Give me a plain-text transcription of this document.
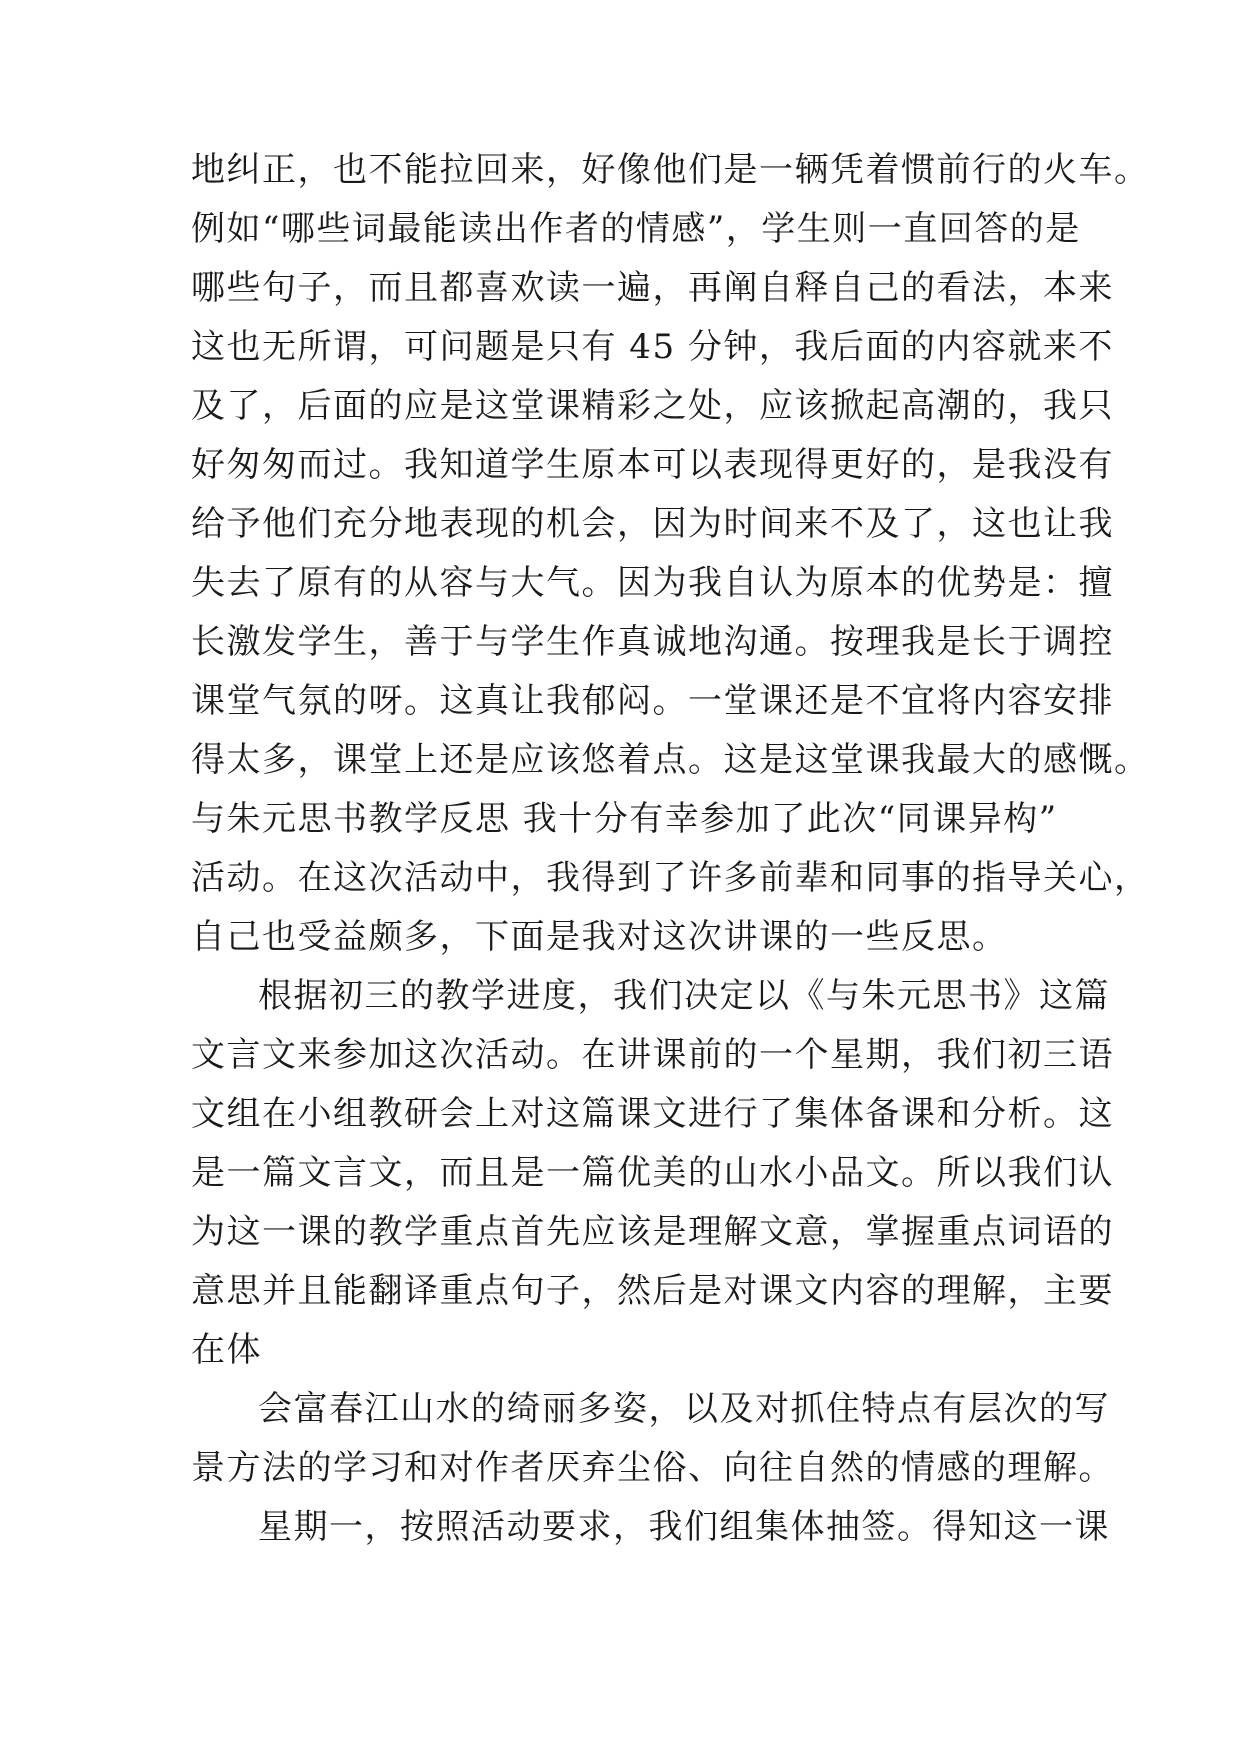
地纠正，也不能拉回来，好像他们是一辆凭着惯前行的火车。
例如“哪些词最能读出作者的情感”，学生则一直回答的是
哪些句子，而且都喜欢读一遍，再阐自释自己的看法，本来
这也无所谓，可问题是只有 45 分钟，我后面的内容就来不
及了，后面的应是这堂课精彩之处，应该掀起高潮的，我只
好匆匆而过。我知道学生原本可以表现得更好的，是我没有
给予他们充分地表现的机会，因为时间来不及了，这也让我
失去了原有的从容与大气。因为我自认为原本的优势是：擅
长激发学生，善于与学生作真诚地沟通。按理我是长于调控
课堂气氛的呀。这真让我郁闷。一堂课还是不宜将内容安排
得太多，课堂上还是应该悠着点。这是这堂课我最大的感慨。
与朱元思书教学反思 我十分有幸参加了此次“同课异构”
活动。在这次活动中，我得到了许多前辈和同事的指导关心，
自己也受益颇多，下面是我对这次讲课的一些反思。
根据初三的教学进度，我们决定以《与朱元思书》这篇
文言文来参加这次活动。在讲课前的一个星期，我们初三语
文组在小组教研会上对这篇课文进行了集体备课和分析。这
是一篇文言文，而且是一篇优美的山水小品文。所以我们认
为这一课的教学重点首先应该是理解文意，掌握重点词语的
意思并且能翻译重点句子，然后是对课文内容的理解，主要
在体
会富春江山水的绮丽多姿，以及对抓住特点有层次的写
景方法的学习和对作者厌弃尘俗、向往自然的情感的理解。
星期一，按照活动要求，我们组集体抽签。得知这一课
